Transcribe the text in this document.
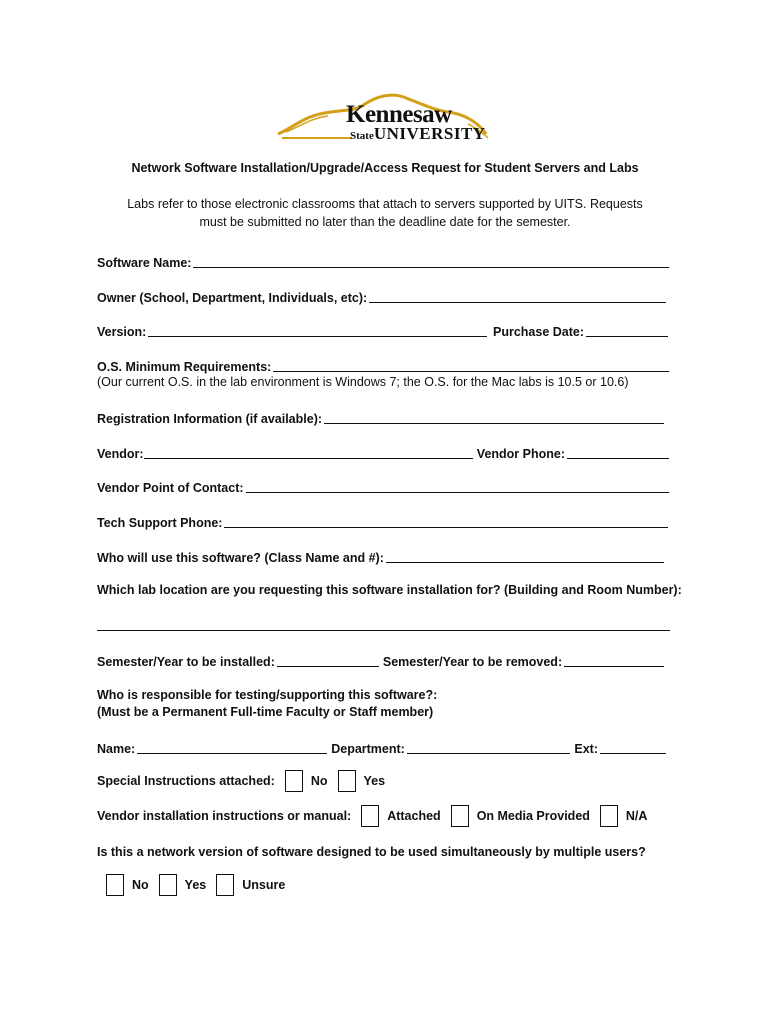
Kennesaw
StateUNIVERSITY
Network Software Installation/Upgrade/Access Request for Student Servers and Labs
Labs refer to those electronic classrooms that attach to servers supported by UITS. Requests
must be submitted no later than the deadline date for the semester.
Software Name:
Owner (School, Department, Individuals, etc):
Version:	Purchase Date:
O.S. Minimum Requirements:
(Our current O.S. in the lab environment is Windows 7; the O.S. for the Mac labs is 10.5 or 10.6)
Registration Information (if available):
Vendor:	Vendor Phone:
Vendor Point of Contact:
Tech Support Phone:
Who will use this software? (Class Name and #):
Which lab location are you requesting this software installation for? (Building and Room Number):
Semester/Year to be installed:	Semester/Year to be removed:
Who is responsible for testing/supporting this software?:
(Must be a Permanent Full-time Faculty or Staff member)
Name:	Department:	Ext:
Special Instructions attached:	No	Yes
Vendor installation instructions or manual:	Attached	On Media Provided	N/A
Is this a network version of software designed to be used simultaneously by multiple users?
No	Yes	Unsure
